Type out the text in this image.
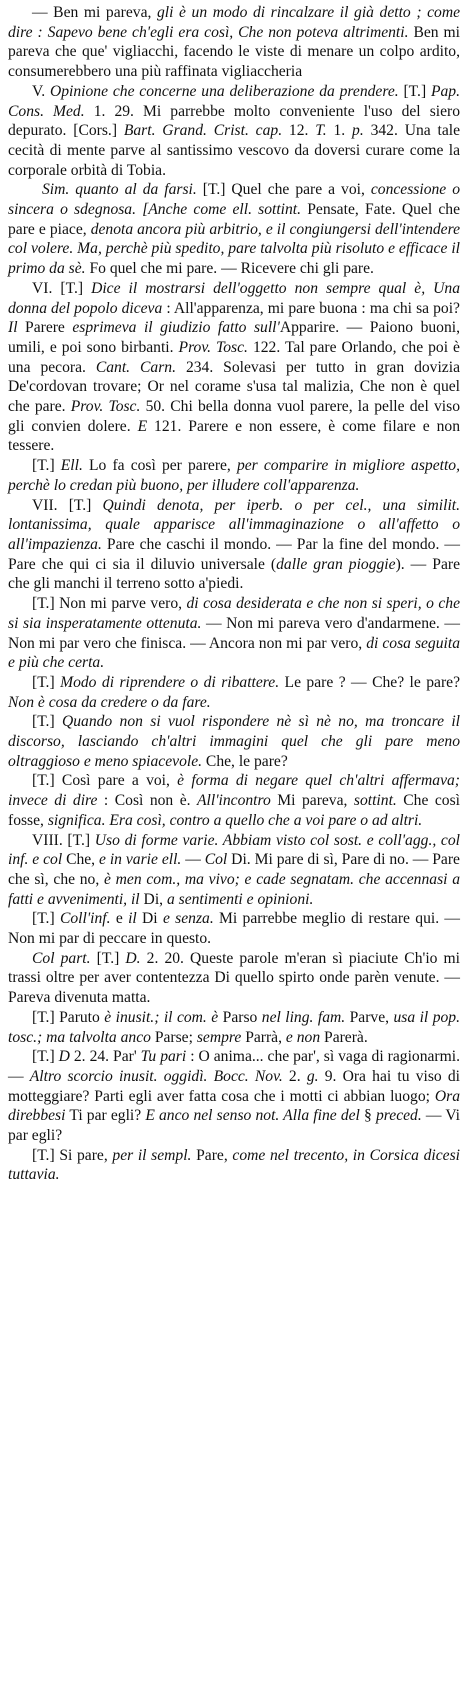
— Ben mi pareva, gli è un modo di rincalzare il già detto ; come dire : Sapevo bene ch'egli era così, Che non poteva altrimenti. Ben mi pareva che que' vigliacchi, facendo le viste di menare un colpo ardito, consumerebbero una più raffinata vigliaccheria

V. Opinione che concerne una deliberazione da prendere. [T.] Pap. Cons. Med. 1. 29. Mi parrebbe molto conveniente l'uso del siero depurato. [Cors.] Bart. Grand. Crist. cap. 12. T. 1. p. 342. Una tale cecità di mente parve al santissimo vescovo da doversi curare come la corporale orbità di Tobia.

Sim. quanto al da farsi. [T.] Quel che pare a voi, concessione o sincera o sdegnosa. [Anche come ell. sottint. Pensate, Fate. Quel che pare e piace, denota ancora più arbitrio, e il congiungersi dell'intendere col volere. Ma, perchè più spedito, pare talvolta più risoluto e efficace il primo da sè. Fo quel che mi pare. — Ricevere chi gli pare.

VI. [T.] Dice il mostrarsi dell'oggetto non sempre qual è, Una donna del popolo diceva : All'apparenza, mi pare buona : ma chi sa poi? Il Parere esprimeva il giudizio fatto sull'Apparire. — Paiono buoni, umili, e poi sono birbanti. Prov. Tosc. 122. Tal pare Orlando, che poi è una pecora. Cant. Carn. 234. Solevasi per tutto in gran dovizia De'cordovan trovare; Or nel corame s'usa tal malizia, Che non è quel che pare. Prov. Tosc. 50. Chi bella donna vuol parere, la pelle del viso gli convien dolere. E 121. Parere e non essere, è come filare e non tessere.

[T.] Ell. Lo fa così per parere, per comparire in migliore aspetto, perchè lo credan più buono, per illudere coll'apparenza.

VII. [T.] Quindi denota, per iperb. o per cel., una similit. lontanissima, quale apparisce all'immaginazione o all'affetto o all'impazienza. Pare che caschi il mondo. — Par la fine del mondo. — Pare che qui ci sia il diluvio universale (dalle gran pioggie). — Pare che gli manchi il terreno sotto a'piedi.

[T.] Non mi parve vero, di cosa desiderata e che non si speri, o che si sia insperatamente ottenuta. — Non mi pareva vero d'andarmene. — Non mi par vero che finisca. — Ancora non mi par vero, di cosa seguita e più che certa.

[T.] Modo di riprendere o di ribattere. Le pare ? — Che? le pare? Non è cosa da credere o da fare.

[T.] Quando non si vuol rispondere nè sì nè no, ma troncare il discorso, lasciando ch'altri immagini quel che gli pare meno oltraggioso e meno spiacevole. Che, le pare?

[T.] Così pare a voi, è forma di negare quel ch'altri affermava; invece di dire : Così non è. All'incontro Mi pareva, sottint. Che così fosse, significa. Era così, contro a quello che a voi pare o ad altri.

VIII. [T.] Uso di forme varie. Abbiam visto col sost. e coll'agg., col inf. e col Che, e in varie ell. — Col Di. Mi pare di sì, Pare di no. — Pare che sì, che no, è men com., ma vivo; e cade segnatam. che accennasi a fatti e avvenimenti, il Di, a sentimenti e opinioni.

[T.] Coll'inf. e il Di e senza. Mi parrebbe meglio di restare qui. — Non mi par di peccare in questo.

Col part. [T.] D. 2. 20. Queste parole m'eran sì piaciute Ch'io mi trassi oltre per aver contentezza Di quello spirto onde parèn venute. — Pareva divenuta matta.

[T.] Paruto è inusit.; il com. è Parso nel ling. fam. Parve, usa il pop. tosc.; ma talvolta anco Parse; sempre Parrà, e non Parerà.

[T.] D 2. 24. Par' Tu pari : O anima... che par', sì vaga di ragionarmi. — Altro scorcio inusit. oggidì. Bocc. Nov. 2. g. 9. Ora hai tu viso di motteggiare? Parti egli aver fatta cosa che i motti ci abbian luogo; Ora direbbesi Ti par egli? E anco nel senso not. Alla fine del § preced. — Vi par egli?

[T.] Si pare, per il sempl. Pare, come nel trecento, in Corsica dicesi tuttavia.
